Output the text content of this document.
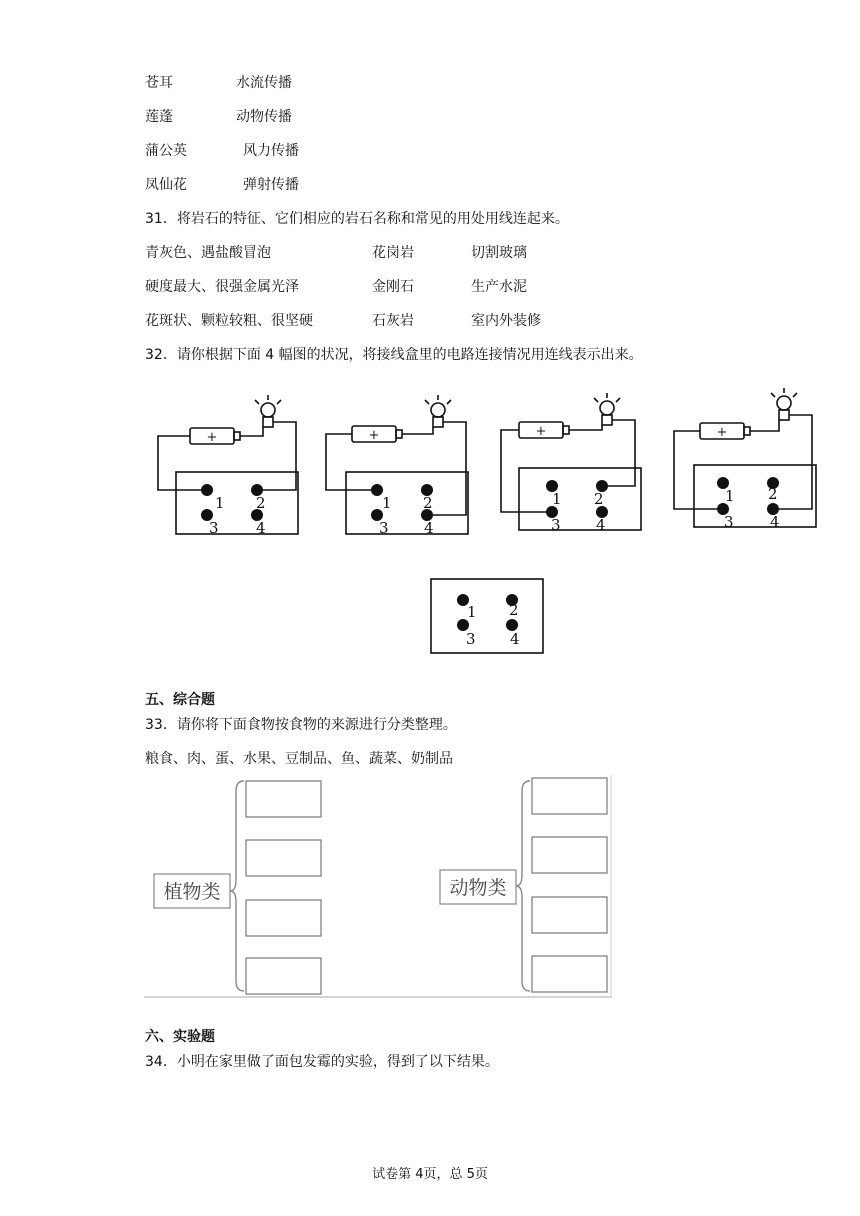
苍耳	水流传播
莲蓬	动物传播
蒲公英	风力传播
凤仙花	弹射传播
31．将岩石的特征、它们相应的岩石名称和常见的用处用线连起来。
青灰色、遇盐酸冒泡	花岗岩	切割玻璃
硬度最大、很强金属光泽	金刚石	生产水泥
花斑状、颗粒较粗、很坚硬	石灰岩	室内外装修
32．请你根据下面 4 幅图的状况，将接线盒里的电路连接情况用连线表示出来。
+
1 2
3 4
+
1 2
3 4
+
1 2
3 4
+
1 2
3 4
1 2
3 4
五、综合题
33．请你将下面食物按食物的来源进行分类整理。
粮食、肉、蛋、水果、豆制品、鱼、蔬菜、奶制品
植物类	动物类
六、实验题
34．小明在家里做了面包发霉的实验，得到了以下结果。
试卷第 4页，总 5页
